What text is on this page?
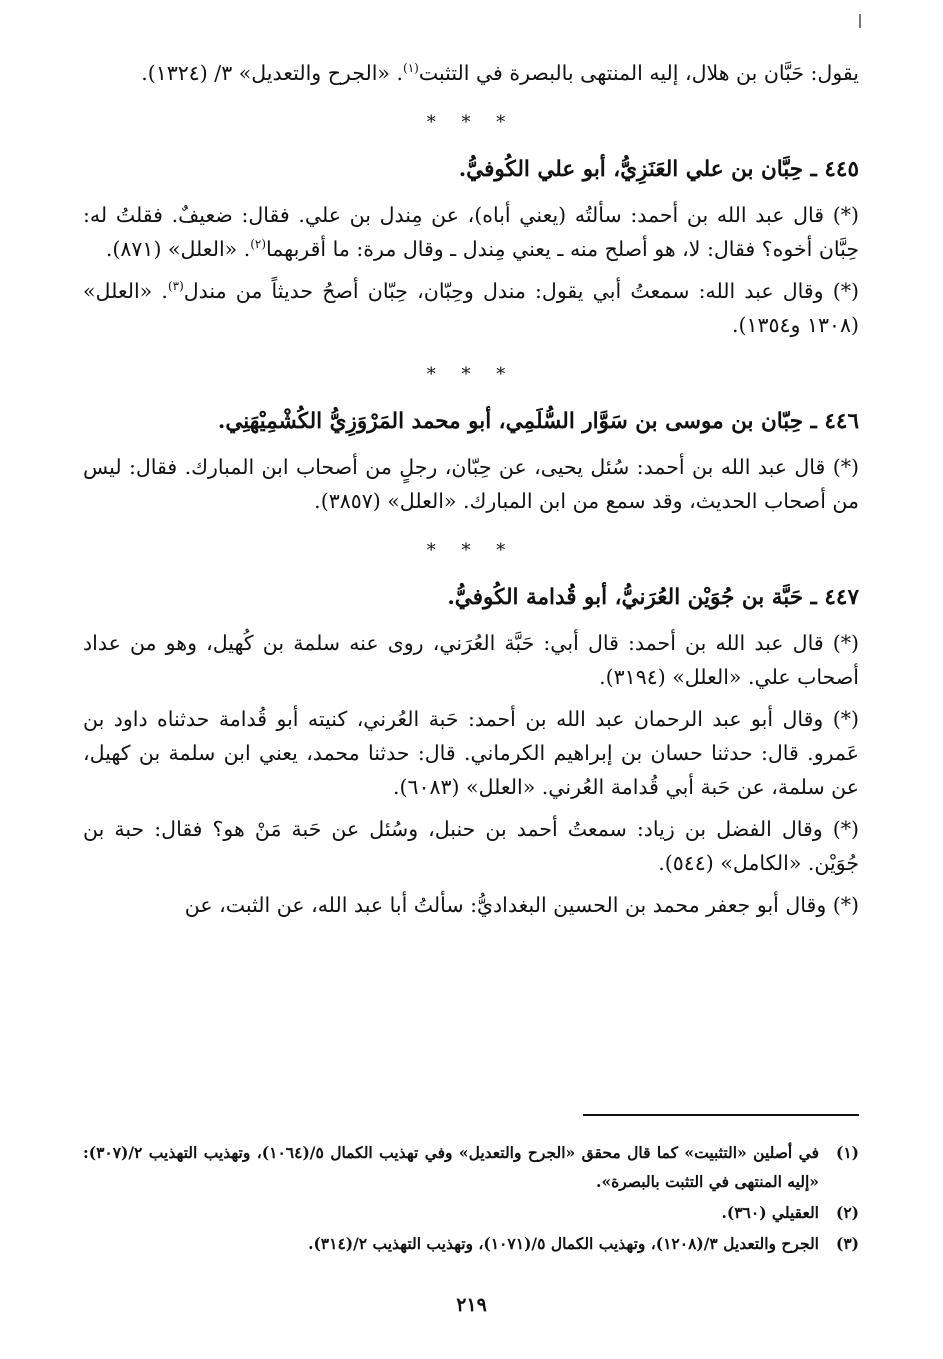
يقول: حَبَّان بن هلال، إليه المنتهى بالبصرة في التثبت$^{(١)}$. «الجرح والتعديل» ٣/ (١٣٢٤).

* * *
٤٤٥ ـ حِبَّان بن علي العَنَزِيُّ، أبو علي الكُوفيُّ.

(*) قال عبد الله بن أحمد: سألتُه (يعني أباه)، عن مِندل بن علي. فقال: ضعيفٌ. فقلتُ له: حِبَّان أخوه؟ فقال: لا، هو أصلح منه ـ يعني مِندل ـ وقال مرة: ما أقربهما$^{(٢)}$. «العلل» (٨٧١).

(*) وقال عبد الله: سمعتُ أبي يقول: مندل وحِبّان، حِبّان أصحُ حديثاً من مندل$^{(٣)}$. «العلل» (١٣٠٨ و١٣٥٤).

* * *
٤٤٦ ـ حِبّان بن موسى بن سَوَّار السُّلَمِي، أبو محمد المَرْوَزِيُّ الكُشْمِيْهَنِي.

(*) قال عبد الله بن أحمد: سُئل يحيى، عن حِبّان، رجلٍ من أصحاب ابن المبارك. فقال: ليس من أصحاب الحديث، وقد سمع من ابن المبارك. «العلل» (٣٨٥٧).

* * *
٤٤٧ ـ حَبَّة بن جُوَيْن العُرَنيُّ، أبو قُدامة الكُوفيُّ.

(*) قال عبد الله بن أحمد: قال أبي: حَبَّة العُرَني، روى عنه سلمة بن كُهيل، وهو من عداد أصحاب علي. «العلل» (٣١٩٤).

(*) وقال أبو عبد الرحمان عبد الله بن أحمد: حَبة العُرني، كنيته أبو قُدامة حدثناه داود بن عَمرو. قال: حدثنا حسان بن إبراهيم الكرماني. قال: حدثنا محمد، يعني ابن سلمة بن كهيل، عن سلمة، عن حَبة أبي قُدامة العُرني. «العلل» (٦٠٨٣).

(*) وقال الفضل بن زياد: سمعتُ أحمد بن حنبل، وسُئل عن حَبة مَنْ هو؟ فقال: حبة بن جُوَيْن. «الكامل» (٥٤٤).

(*) وقال أبو جعفر محمد بن الحسين البغداديُّ: سألتُ أبا عبد الله، عن الثبت، عن

(١)
في أصلين «التثبيت» كما قال محقق «الجرح والتعديل» وفي تهذيب الكمال ٥/(١٠٦٤)، وتهذيب التهذيب ٢/(٣٠٧): «إليه المنتهى في التثبت بالبصرة».
(٢)
العقيلي (٣٦٠).
(٣)
الجرح والتعديل ٣/(١٢٠٨)، وتهذيب الكمال ٥/(١٠٧١)، وتهذيب التهذيب ٢/(٣١٤).
٢١٩
